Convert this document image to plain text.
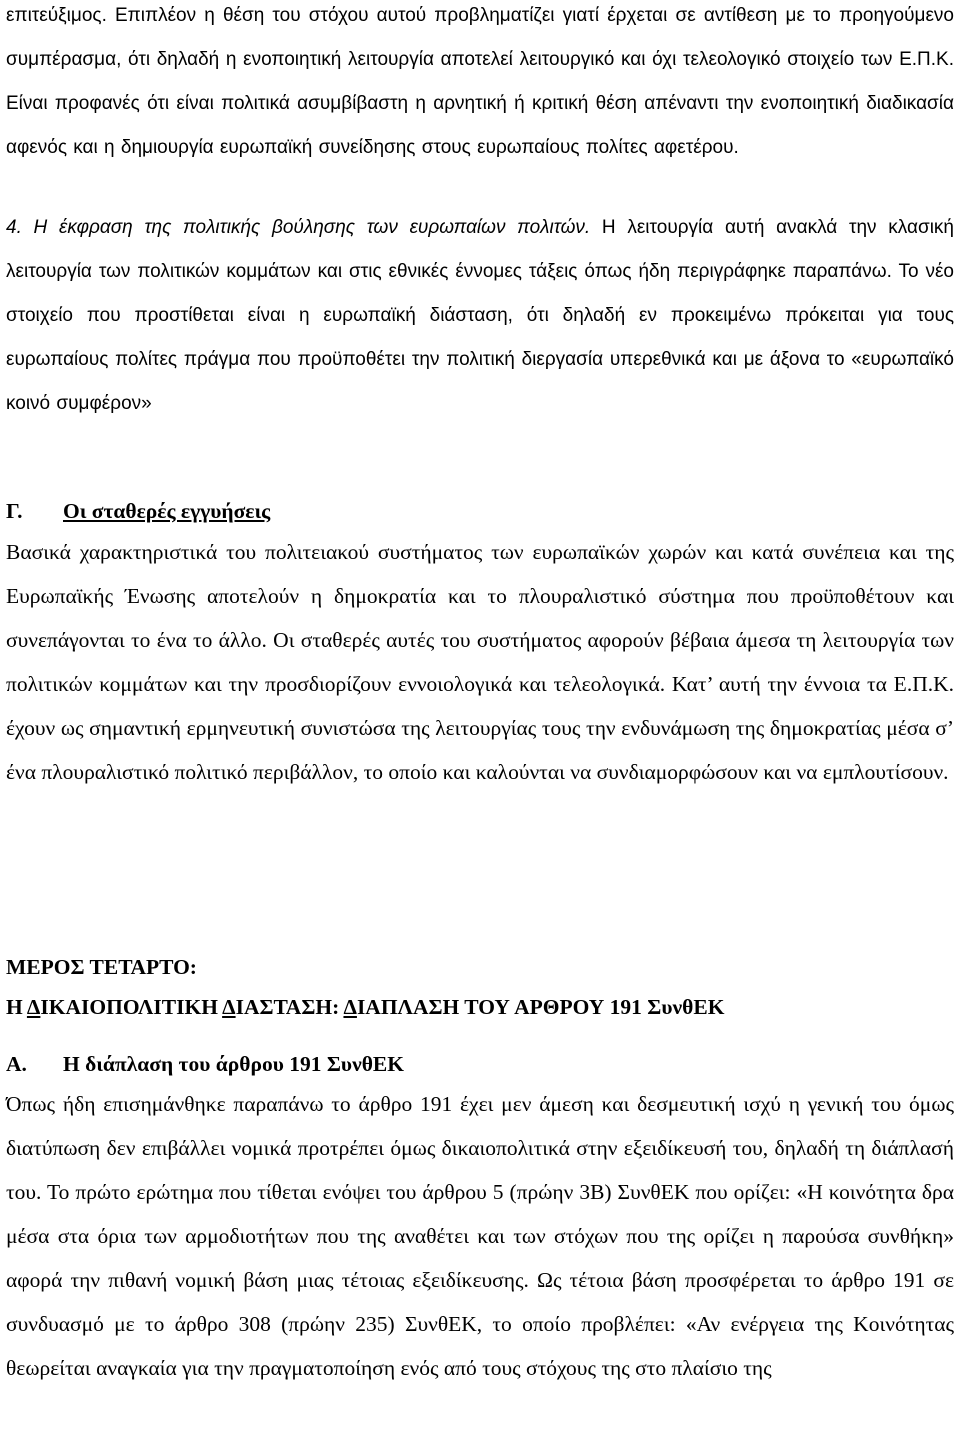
επιτεύξιμος. Επιπλέον η θέση του στόχου αυτού προβληματίζει γιατί έρχεται σε αντίθεση με το προηγούμενο συμπέρασμα, ότι δηλαδή η ενοποιητική λειτουργία αποτελεί λειτουργικό και όχι τελεολογικό στοιχείο των Ε.Π.Κ. Είναι προφανές ότι είναι πολιτικά ασυμβίβαστη η αρνητική ή κριτική θέση απέναντι την ενοποιητική διαδικασία αφενός και η δημιουργία ευρωπαϊκή συνείδησης στους ευρωπαίους πολίτες αφετέρου.

4. Η έκφραση της πολιτικής βούλησης των ευρωπαίων πολιτών. Η λειτουργία αυτή ανακλά την κλασική λειτουργία των πολιτικών κομμάτων και στις εθνικές έννομες τάξεις όπως ήδη περιγράφηκε παραπάνω. Το νέο στοιχείο που προστίθεται είναι η ευρωπαϊκή διάσταση, ότι δηλαδή εν προκειμένω πρόκειται για τους ευρωπαίους πολίτες πράγμα που προϋποθέτει την πολιτική διεργασία υπερεθνικά και με άξονα το «ευρωπαϊκό κοινό συμφέρον»

Γ. Οι σταθερές εγγυήσεις

Βασικά χαρακτηριστικά του πολιτειακού συστήματος των ευρωπαϊκών χωρών και κατά συνέπεια και της Ευρωπαϊκής Ένωσης αποτελούν η δημοκρατία και το πλουραλιστικό σύστημα που προϋποθέτουν και συνεπάγονται το ένα το άλλο. Οι σταθερές αυτές του συστήματος αφορούν βέβαια άμεσα τη λειτουργία των πολιτικών κομμάτων και την προσδιορίζουν εννοιολογικά και τελεολογικά. Κατ’ αυτή την έννοια τα Ε.Π.Κ. έχουν ως σημαντική ερμηνευτική συνιστώσα της λειτουργίας τους την ενδυνάμωση της δημοκρατίας μέσα σ’ ένα πλουραλιστικό πολιτικό περιβάλλον, το οποίο και καλούνται να συνδιαμορφώσουν και να εμπλουτίσουν.

ΜΕΡΟΣ ΤΕΤΑΡΤΟ:
Η ΔΙΚΑΙΟΠΟΛΙΤΙΚΗ ΔΙΑΣΤΑΣΗ: ΔΙΑΠΛΑΣΗ ΤΟΥ ΑΡΘΡΟΥ 191 ΣυνθΕΚ
Α. Η διάπλαση του άρθρου 191 ΣυνθΕΚ

Όπως ήδη επισημάνθηκε παραπάνω το άρθρο 191 έχει μεν άμεση και δεσμευτική ισχύ η γενική του όμως διατύπωση δεν επιβάλλει νομικά προτρέπει όμως δικαιοπολιτικά στην εξειδίκευσή του, δηλαδή τη διάπλασή του. Το πρώτο ερώτημα που τίθεται ενόψει του άρθρου 5 (πρώην 3Β) ΣυνθΕΚ που ορίζει: «Η κοινότητα δρα μέσα στα όρια των αρμοδιοτήτων που της αναθέτει και των στόχων που της ορίζει η παρούσα συνθήκη» αφορά την πιθανή νομική βάση μιας τέτοιας εξειδίκευσης. Ως τέτοια βάση προσφέρεται το άρθρο 191 σε συνδυασμό με το άρθρο 308 (πρώην 235) ΣυνθΕΚ, το οποίο προβλέπει: «Αν ενέργεια της Κοινότητας θεωρείται αναγκαία για την πραγματοποίηση ενός από τους στόχους της στο πλαίσιο της
